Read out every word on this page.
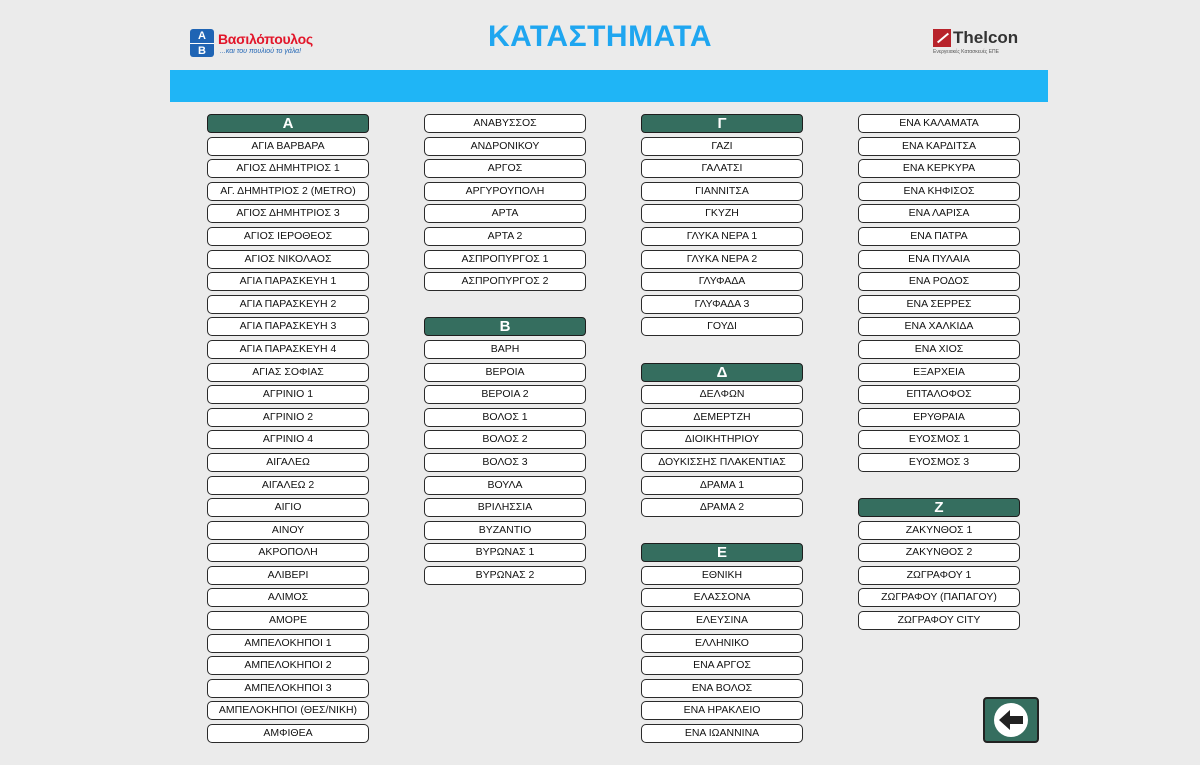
A
B
Βασιλόπουλος
...και του πουλιού το γάλα!	ΚΑΤΑΣΤΗΜΑΤΑ	Thelcon
Ενεργειακές Κατασκευές ΕΠΕ
Α
ΑΓΙΑ ΒΑΡΒΑΡΑ
ΑΓΙΟΣ ΔΗΜΗΤΡΙΟΣ 1
ΑΓ. ΔΗΜΗΤΡΙΟΣ 2 (METRO)
ΑΓΙΟΣ ΔΗΜΗΤΡΙΟΣ 3
ΑΓΙΟΣ ΙΕΡΟΘΕΟΣ
ΑΓΙΟΣ ΝΙΚΟΛΑΟΣ
ΑΓΙΑ ΠΑΡΑΣΚΕΥΗ 1
ΑΓΙΑ ΠΑΡΑΣΚΕΥΗ 2
ΑΓΙΑ ΠΑΡΑΣΚΕΥΗ 3
ΑΓΙΑ ΠΑΡΑΣΚΕΥΗ 4
ΑΓΙΑΣ ΣΟΦΙΑΣ
ΑΓΡΙΝΙΟ 1
ΑΓΡΙΝΙΟ 2
ΑΓΡΙΝΙΟ 4
ΑΙΓΑΛΕΩ
ΑΙΓΑΛΕΩ 2
ΑΙΓΙΟ
ΑΙΝΟΥ
ΑΚΡΟΠΟΛΗ
ΑΛΙΒΕΡΙ
ΑΛΙΜΟΣ
ΑΜΟΡΕ
ΑΜΠΕΛΟΚΗΠΟΙ 1
ΑΜΠΕΛΟΚΗΠΟΙ 2
ΑΜΠΕΛΟΚΗΠΟΙ 3
ΑΜΠΕΛΟΚΗΠΟΙ (ΘΕΣ/ΝΙΚΗ)
ΑΜΦΙΘΕΑ
ΑΝΑΒΥΣΣΟΣ
ΑΝΔΡΟΝΙΚΟΥ
ΑΡΓΟΣ
ΑΡΓΥΡΟΥΠΟΛΗ
ΑΡΤΑ
ΑΡΤΑ 2
ΑΣΠΡΟΠΥΡΓΟΣ 1
ΑΣΠΡΟΠΥΡΓΟΣ 2
Β
ΒΑΡΗ
ΒΕΡΟΙΑ
ΒΕΡΟΙΑ 2
ΒΟΛΟΣ 1
ΒΟΛΟΣ 2
ΒΟΛΟΣ 3
ΒΟΥΛΑ
ΒΡΙΛΗΣΣΙΑ
ΒΥΖΑΝΤΙΟ
ΒΥΡΩΝΑΣ 1
ΒΥΡΩΝΑΣ 2
Γ
ΓΑΖΙ
ΓΑΛΑΤΣΙ
ΓΙΑΝΝΙΤΣΑ
ΓΚΥΖΗ
ΓΛΥΚΑ ΝΕΡΑ 1
ΓΛΥΚΑ ΝΕΡΑ 2
ΓΛΥΦΑΔΑ
ΓΛΥΦΑΔΑ 3
ΓΟΥΔΙ
Δ
ΔΕΛΦΩΝ
ΔΕΜΕΡΤΖΗ
ΔΙΟΙΚΗΤΗΡΙΟΥ
ΔΟΥΚΙΣΣΗΣ ΠΛΑΚΕΝΤΙΑΣ
ΔΡΑΜΑ 1
ΔΡΑΜΑ 2
Ε
ΕΘΝΙΚΗ
ΕΛΑΣΣΟΝΑ
ΕΛΕΥΣΙΝΑ
ΕΛΛΗΝΙΚΟ
ΕΝΑ ΑΡΓΟΣ
ΕΝΑ ΒΟΛΟΣ
ΕΝΑ ΗΡΑΚΛΕΙΟ
ΕΝΑ ΙΩΑΝΝΙΝΑ
ΕΝΑ ΚΑΛΑΜΑΤΑ
ΕΝΑ ΚΑΡΔΙΤΣΑ
ΕΝΑ ΚΕΡΚΥΡΑ
ΕΝΑ ΚΗΦΙΣΟΣ
ΕΝΑ ΛΑΡΙΣΑ
ΕΝΑ ΠΑΤΡΑ
ΕΝΑ ΠΥΛΑΙΑ
ΕΝΑ ΡΟΔΟΣ
ΕΝΑ ΣΕΡΡΕΣ
ΕΝΑ ΧΑΛΚΙΔΑ
ΕΝΑ ΧΙΟΣ
ΕΞΑΡΧΕΙΑ
ΕΠΤΑΛΟΦΟΣ
ΕΡΥΘΡΑΙΑ
ΕΥΟΣΜΟΣ 1
ΕΥΟΣΜΟΣ 3
Ζ
ΖΑΚΥΝΘΟΣ 1
ΖΑΚΥΝΘΟΣ 2
ΖΩΓΡΑΦΟΥ 1
ΖΩΓΡΑΦΟΥ (ΠΑΠΑΓΟΥ)
ΖΩΓΡΑΦΟΥ CITY
